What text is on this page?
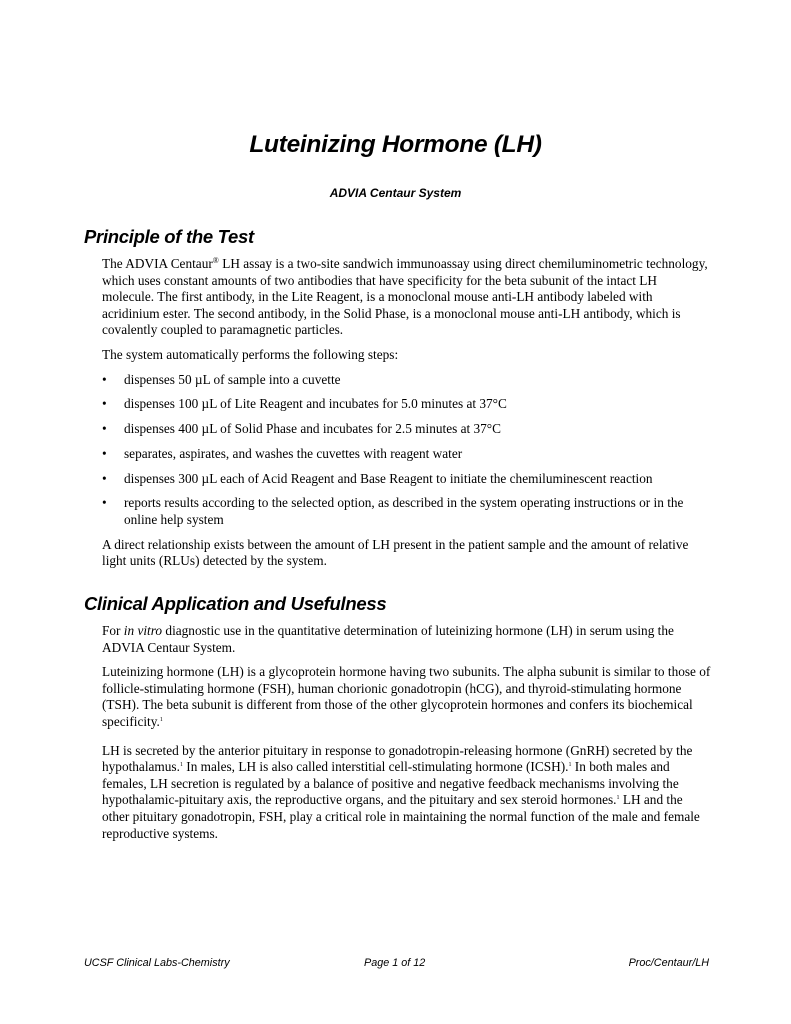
Luteinizing Hormone (LH)
ADVIA Centaur System
Principle of the Test

The ADVIA Centaur® LH assay is a two-site sandwich immunoassay using direct chemiluminometric technology, which uses constant amounts of two antibodies that have specificity for the beta subunit of the intact LH molecule. The first antibody, in the Lite Reagent, is a monoclonal mouse anti-LH antibody labeled with acridinium ester. The second antibody, in the Solid Phase, is a monoclonal mouse anti-LH antibody, which is covalently coupled to paramagnetic particles.

The system automatically performs the following steps:

• dispenses 50 µL of sample into a cuvette
• dispenses 100 µL of Lite Reagent and incubates for 5.0 minutes at 37°C
• dispenses 400 µL of Solid Phase and incubates for 2.5 minutes at 37°C
• separates, aspirates, and washes the cuvettes with reagent water
• dispenses 300 µL each of Acid Reagent and Base Reagent to initiate the chemiluminescent reaction
• reports results according to the selected option, as described in the system operating instructions or in the online help system

A direct relationship exists between the amount of LH present in the patient sample and the amount of relative light units (RLUs) detected by the system.

Clinical Application and Usefulness

For in vitro diagnostic use in the quantitative determination of luteinizing hormone (LH) in serum using the ADVIA Centaur System.

Luteinizing hormone (LH) is a glycoprotein hormone having two subunits. The alpha subunit is similar to those of follicle-stimulating hormone (FSH), human chorionic gonadotropin (hCG), and thyroid-stimulating hormone (TSH). The beta subunit is different from those of the other glycoprotein hormones and confers its biochemical specificity.$^1$

LH is secreted by the anterior pituitary in response to gonadotropin-releasing hormone (GnRH) secreted by the hypothalamus.$^1$ In males, LH is also called interstitial cell-stimulating hormone (ICSH).$^1$ In both males and females, LH secretion is regulated by a balance of positive and negative feedback mechanisms involving the hypothalamic-pituitary axis, the reproductive organs, and the pituitary and sex steroid hormones.$^1$ LH and the other pituitary gonadotropin, FSH, play a critical role in maintaining the normal function of the male and female reproductive systems.

UCSF Clinical Labs-Chemistry	Page 1 of 12	Proc/Centaur/LH
